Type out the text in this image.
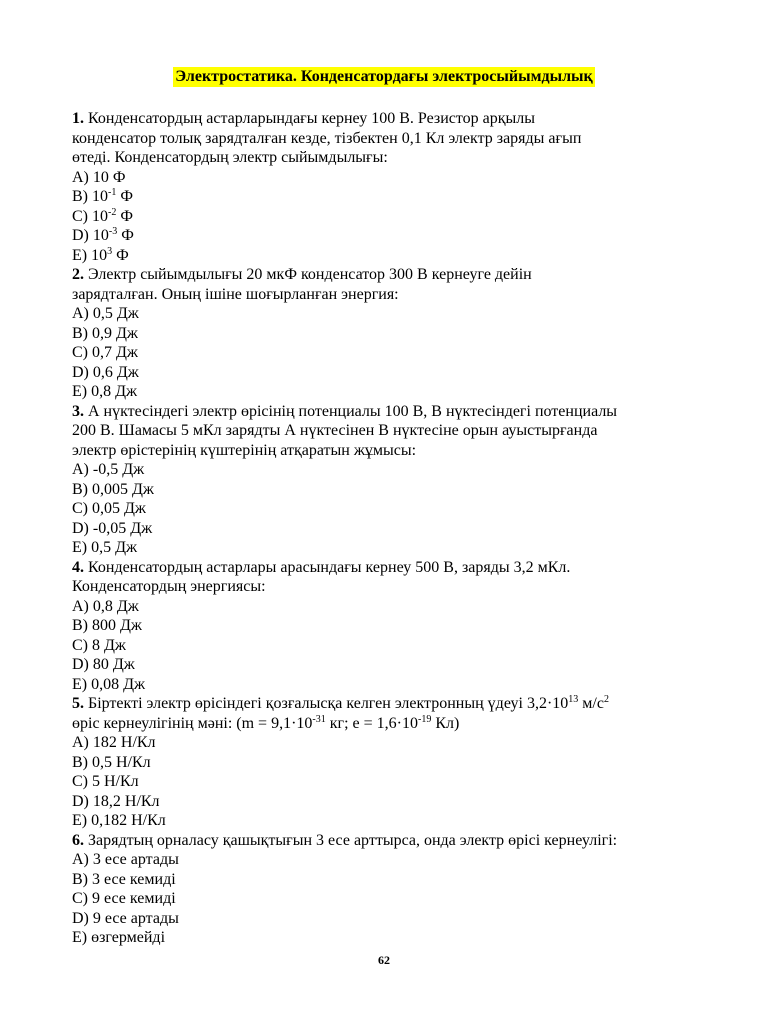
Электростатика. Конденсатордағы электросыйымдылық
1. Конденсатордың астарларындағы кернеу 100 В. Резистор арқылы
конденсатор толық зарядталған кезде, тізбектен 0,1 Кл электр заряды ағып
өтеді. Конденсатордың электр сыйымдылығы:
A) 10 Ф
B) $10^{-1}$ Ф
C) $10^{-2}$ Ф
D) $10^{-3}$ Ф
E) $10^3$ Ф
2. Электр сыйымдылығы 20 мкФ конденсатор 300 В кернеуге дейін
зарядталған. Оның ішіне шоғырланған энергия:
A) 0,5 Дж
B) 0,9 Дж
C) 0,7 Дж
D) 0,6 Дж
E) 0,8 Дж
3. А нүктесіндегі электр өрісінің потенциалы 100 В, В нүктесіндегі потенциалы
200 В. Шамасы 5 мКл зарядты А нүктесінен В нүктесіне орын ауыстырғанда
электр өрістерінің күштерінің атқаратын жұмысы:
A) -0,5 Дж
B) 0,005 Дж
C) 0,05 Дж
D) -0,05 Дж
E) 0,5 Дж
4. Конденсатордың астарлары арасындағы кернеу 500 В, заряды 3,2 мКл.
Конденсатордың энергиясы:
A) 0,8 Дж
B) 800 Дж
C) 8 Дж
D) 80 Дж
E) 0,08 Дж
5. Біртекті электр өрісіндегі қозғалысқа келген электронның үдеуі $3,2\cdot 10^{13}$ $м/с^2$
өріс кернеулігінің мәні: ($m = 9,1\cdot 10^{-31}$ кг; $е = 1,6\cdot 10^{-19}$ Кл)
A) 182 Н/Кл
B) 0,5 Н/Кл
C) 5 Н/Кл
D) 18,2 Н/Кл
E) 0,182 Н/Кл
6. Зарядтың орналасу қашықтығын 3 есе арттырса, онда электр өрісі кернеулігі:
A) 3 есе артады
B) 3 есе кемиді
C) 9 есе кемиді
D) 9 есе артады
E) өзгермейді
62
